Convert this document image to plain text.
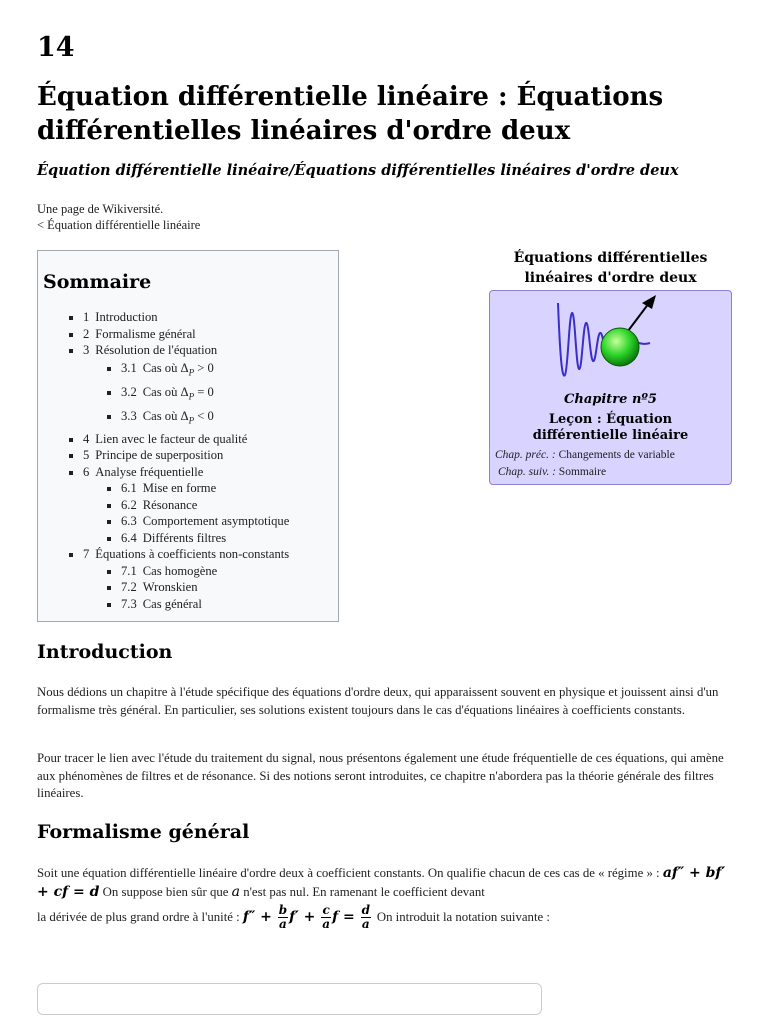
14
Équation différentielle linéaire : Équations
différentielles linéaires d'ordre deux
Équation différentielle linéaire/Équations différentielles linéaires d'ordre deux
Une page de Wikiversité.
< Équation différentielle linéaire
Sommaire
▪ 1 Introduction
▪ 2 Formalisme général
▪ 3 Résolution de l'équation
▪ 3.1 Cas où $\Delta_P > 0$
▪ 3.2 Cas où $\Delta_P = 0$
▪ 3.3 Cas où $\Delta_P < 0$
▪ 4 Lien avec le facteur de qualité
▪ 5 Principe de superposition
▪ 6 Analyse fréquentielle
▪ 6.1 Mise en forme
▪ 6.2 Résonance
▪ 6.3 Comportement asymptotique
▪ 6.4 Différents filtres
▪ 7 Équations à coefficients non-constants
▪ 7.1 Cas homogène
▪ 7.2 Wronskien
▪ 7.3 Cas général
Équations différentielles linéaires d'ordre deux
Chapitre nº5
Leçon : Équation différentielle linéaire
Chap. préc. : Changements de variable
Chap. suiv. : Sommaire
Introduction

Nous dédions un chapitre à l'étude spécifique des équations d'ordre deux, qui apparaissent souvent en physique et jouissent ainsi d'un formalisme très général. En particulier, ses solutions existent toujours dans le cas d'équations linéaires à coefficients constants.

Pour tracer le lien avec l'étude du traitement du signal, nous présentons également une étude fréquentielle de ces équations, qui amène aux phénomènes de filtres et de résonance. Si des notions seront introduites, ce chapitre n'abordera pas la théorie générale des filtres linéaires.

Formalisme général

Soit une équation différentielle linéaire d'ordre deux à coefficient constants. On qualifie chacun de ces cas de « régime » : af″ + bf′ + cf = d On suppose bien sûr que a n'est pas nul. En ramenant le coefficient devant
la dérivée de plus grand ordre à l'unité : $f'' + \frac{b}{a} f' + \frac{c}{a}$ $f = \frac{d}{a}$ On introduit la notation suivante :
